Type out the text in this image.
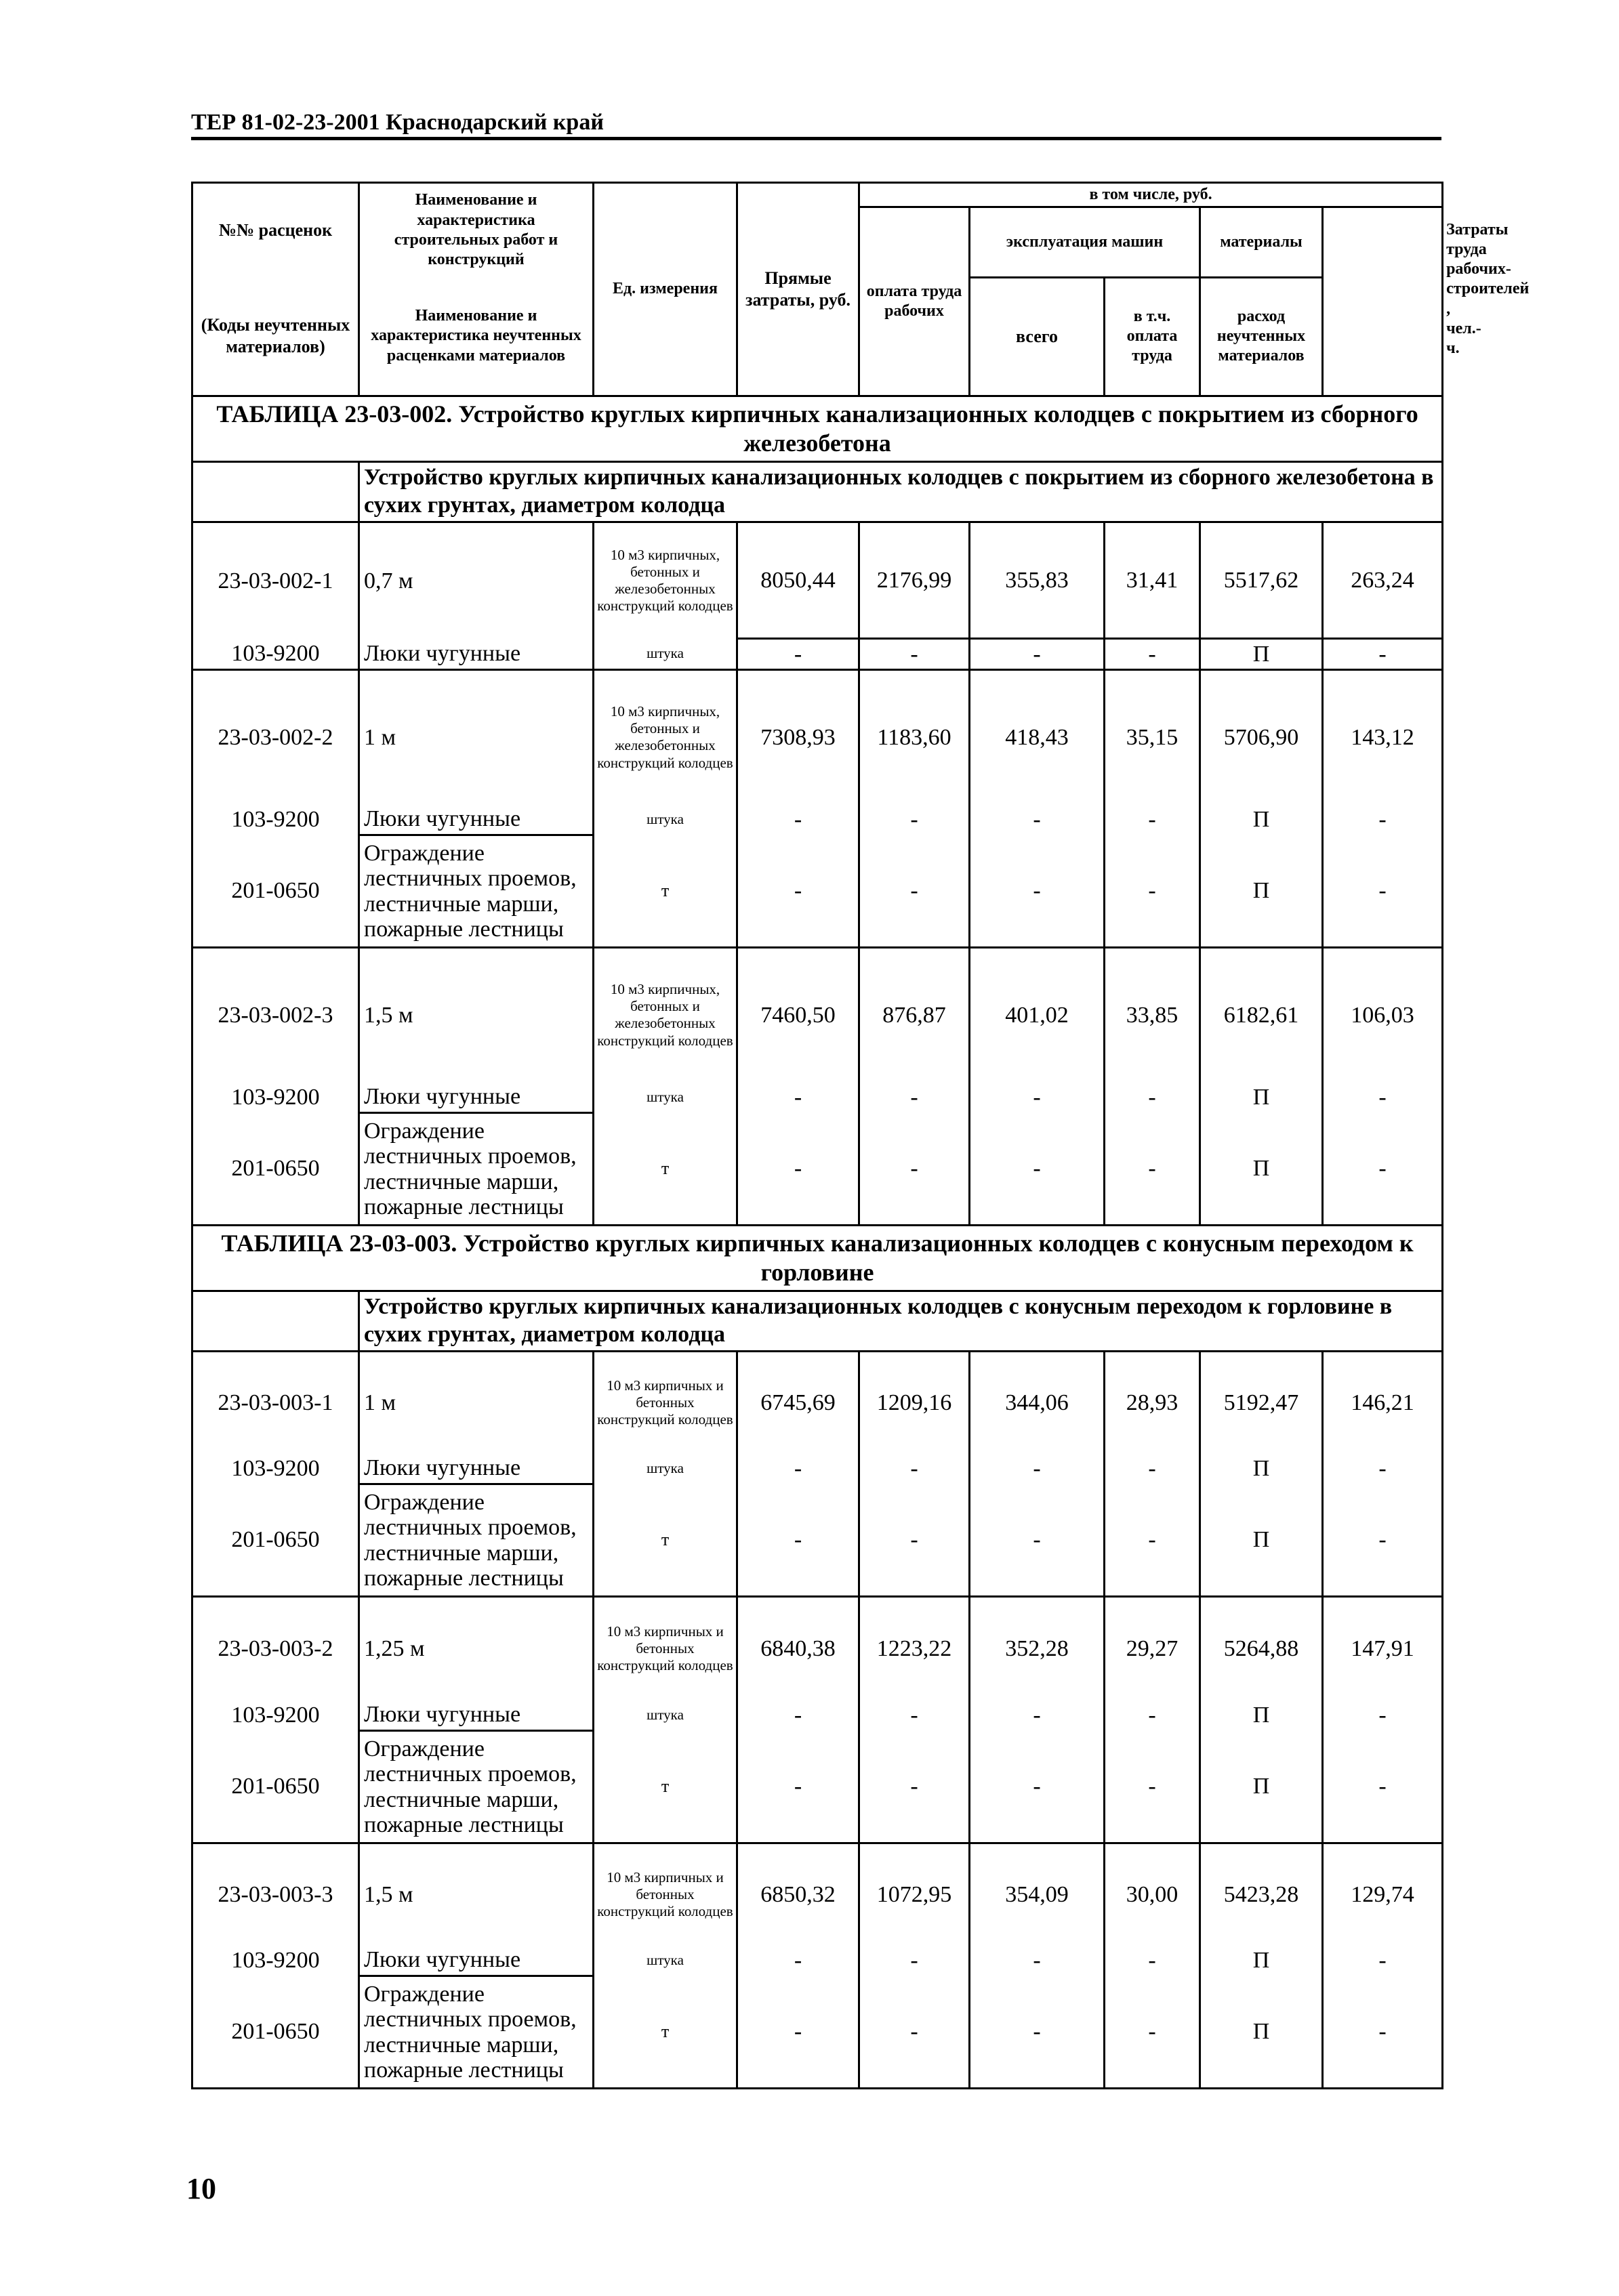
ТЕР 81-02-23-2001 Краснодарский край
№№ расценок	Наименование и характеристика строительных работ и конструкций	Ед. измерения	Прямые затраты, руб.	в том числе, руб.					Затраты труда рабочих-строителей , чел.-ч.
				оплата труда рабочих	эксплуатация машин		материалы		
(Коды неучтенных материалов)	Наименование и характеристика неучтенных расценками материалов				всего	в т.ч. оплата труда	расход неучтенных материалов		

ТАБЛИЦА 23-03-002. Устройство круглых кирпичных канализационных колодцев с покрытием из сборного железобетона									
	Устройство круглых кирпичных канализационных колодцев с покрытием из сборного железобетона в сухих грунтах, диаметром колодца								
23-03-002-1	0,7 м	10 м3 кирпичных, бетонных и железобетонных конструкций колодцев	8050,44	2176,99	355,83	31,41	5517,62	263,24	
103-9200	Люки чугунные	штука	-	-	-	-	П	-	
23-03-002-2	1 м	10 м3 кирпичных, бетонных и железобетонных конструкций колодцев	7308,93	1183,60	418,43	35,15	5706,90	143,12	
103-9200	Люки чугунные	штука	-	-	-	-	П	-	
201-0650	Ограждение
лестничных проемов,
лестничные марши,
пожарные лестницы	т	-	-	-	-	П	-	
23-03-002-3	1,5 м	10 м3 кирпичных, бетонных и железобетонных конструкций колодцев	7460,50	876,87	401,02	33,85	6182,61	106,03	
103-9200	Люки чугунные	штука	-	-	-	-	П	-	
201-0650	Ограждение
лестничных проемов,
лестничные марши,
пожарные лестницы	т	-	-	-	-	П	-	
ТАБЛИЦА 23-03-003. Устройство круглых кирпичных канализационных колодцев с конусным переходом к горловине									
	Устройство круглых кирпичных канализационных колодцев с конусным переходом к горловине в сухих грунтах, диаметром колодца								
23-03-003-1	1 м	10 м3 кирпичных и бетонных конструкций колодцев	6745,69	1209,16	344,06	28,93	5192,47	146,21	
103-9200	Люки чугунные	штука	-	-	-	-	П	-	
201-0650	Ограждение
лестничных проемов,
лестничные марши,
пожарные лестницы	т	-	-	-	-	П	-	
23-03-003-2	1,25 м	10 м3 кирпичных и бетонных конструкций колодцев	6840,38	1223,22	352,28	29,27	5264,88	147,91	
103-9200	Люки чугунные	штука	-	-	-	-	П	-	
201-0650	Ограждение
лестничных проемов,
лестничные марши,
пожарные лестницы	т	-	-	-	-	П	-	
23-03-003-3	1,5 м	10 м3 кирпичных и бетонных конструкций колодцев	6850,32	1072,95	354,09	30,00	5423,28	129,74	
103-9200	Люки чугунные	штука	-	-	-	-	П	-	
201-0650	Ограждение
лестничных проемов,
лестничные марши,
пожарные лестницы	т	-	-	-	-	П	-	
10
